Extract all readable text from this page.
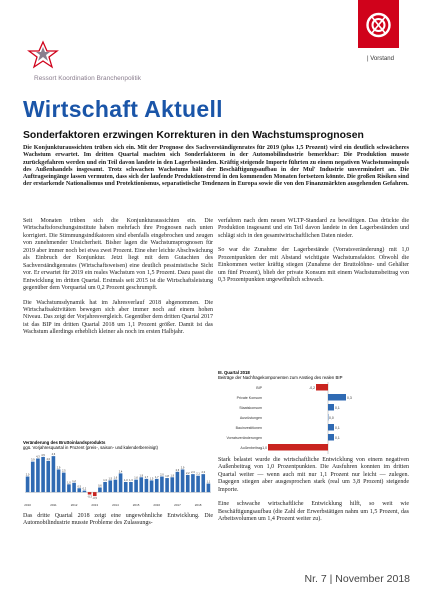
| Vorstand
Ressort Koordination Branchenpolitik
Wirtschaft Aktuell
Sonderfaktoren erzwingen Korrekturen in den Wachstumsprognosen
Die Konjunkturaussichten trüben sich ein. Mit der Prognose des Sachverständigenrates für 2019 (plus 1,5 Prozent) wird ein deutlich schwächeres Wachstum erwartet. Im dritten Quartal machten sich Sonderfaktoren in der Automobilindustrie bemerkbar: Die Produktion musste zurückgefahren werden und ein Teil davon landete in den Lagerbeständen. Kräftig steigende Importe führten zu einem negativen Wachstumsimpuls des Außenhandels insgesamt. Trotz schwachen Wachstums hält der Beschäftigungsaufbau in der Mul' Industrie unvermindert an. Die Auftragseingänge lassen vermuten, dass sich der laufende Produktionstrend in den kommenden Monaten fortsetzen könnte. Die großen Risiken sind der erstarkende Nationalismus und Protektionismus, separatistische Tendenzen in Europa sowie die von den Finanzmärkten ausgehenden Gefahren.

Seit Monaten trüben sich die Konjunkturaussichten ein. Die Wirtschaftsforschungsinstitute haben mehrfach ihre Prognosen nach unten korrigiert. Die Stimmungsindikatoren sind ebenfalls eingebrochen und zeugen von zunehmender Unsicherheit. Bisher lagen die Wachstumsprognosen für 2019 aber immer noch bei etwa zwei Prozent. Eine eher leichte Abschwächung als Einbruch der Konjunktur. Jetzt liegt mit dem Gutachten des Sachverständigenrates (Wirtschaftsweisen) eine deutlich pessimistische Sicht vor. Er erwartet für 2019 ein reales Wachstum von 1,5 Prozent. Dazu passt die Entwicklung im dritten Quartal. Erstmals seit 2015 ist die Wirtschaftsleistung gegenüber dem Vorquartal um 0,2 Prozent geschrumpft.

Die Wachstumsdynamik hat im Jahresverlauf 2018 abgenommen. Die Wirtschaftsaktivitäten bewegen sich aber immer noch auf einem hohen Niveau. Das zeigt der Vorjahresvergleich. Gegenüber dem dritten Quartal 2017 ist das BIP im dritten Quartal 2018 um 1,1 Prozent größer. Damit ist das Wachstum allerdings erheblich kleiner als noch im ersten Halbjahr.

Veränderung des Bruttoinlandsprodukts
ggü. Vorjahresquartal in Prozent (preis-, saison- und kalenderbereinigt)
2,0
2010
3,9
4,3
4,5
4,0
4,6
2011
2,9
2,5
1,0
1,2
2012
0,5
0,2
-0,3
-0,5
2013
0,6
1,3
1,5 1,6
2014
2,4
1,3 1,3
1,6
2015
1,9
1,7
1,5
1,7
2016
2,0
1,8 1,9
2,6
2017
2,9
2,2 2,3
2,1
2018
2,3
1,1

Das dritte Quartal 2018 zeigt eine ungewöhnliche Entwicklung. Die Automobilindustrie musste Probleme des Zulassungs-

verfahren nach dem neuen WLTP-Standard zu bewältigen. Das drückte die Produktion insgesamt und ein Teil davon landete in den Lagerbeständen und schlägt sich in den gesamtwirtschaftlichen Daten nieder.

So war die Zunahme der Lagerbestände (Vorratsveränderung) mit 1,0 Prozentpunkten der mit Abstand wichtigste Wachstumsfaktor. Obwohl die Einkommen weiter kräftig stiegen (Zunahme der Bruttolöhne- und Gehälter um fünf Prozent), blieb der private Konsum mit einem Wachstumsbeitrag von 0,3 Prozentpunkten ungewöhnlich schwach.

III. Quartal 2018
Beiträge der Nachfragekomponenten zum Anstieg des realen BIP
BIP	-0,2
Private Konsum	0,3
Staatskonsum	0,1
Ausrüstungen	0,0
Bauinvestitionen	0,1
Vorratsveränderungen	0,1
Außenbeitrag -1,0

Stark belastet wurde die wirtschaftliche Entwicklung von einem negativen Außenbeitrag von 1,0 Prozentpunkten. Die Ausfuhren konnten im dritten Quartal weiter — wenn auch mit nur 1,1 Prozent nur leicht — zulegen. Dagegen stiegen aber ausgesprochen stark (real um 3,8 Prozent) steigende Importe.

Eine schwache wirtschaftliche Entwicklung hilft, so weit wie Beschäftigungsaufbau (die Zahl der Erwerbstätigen nahm um 1,5 Prozent, das Arbeitsvolumen um 1,4 Prozent weiter zu).

Nr. 7 | November 2018
